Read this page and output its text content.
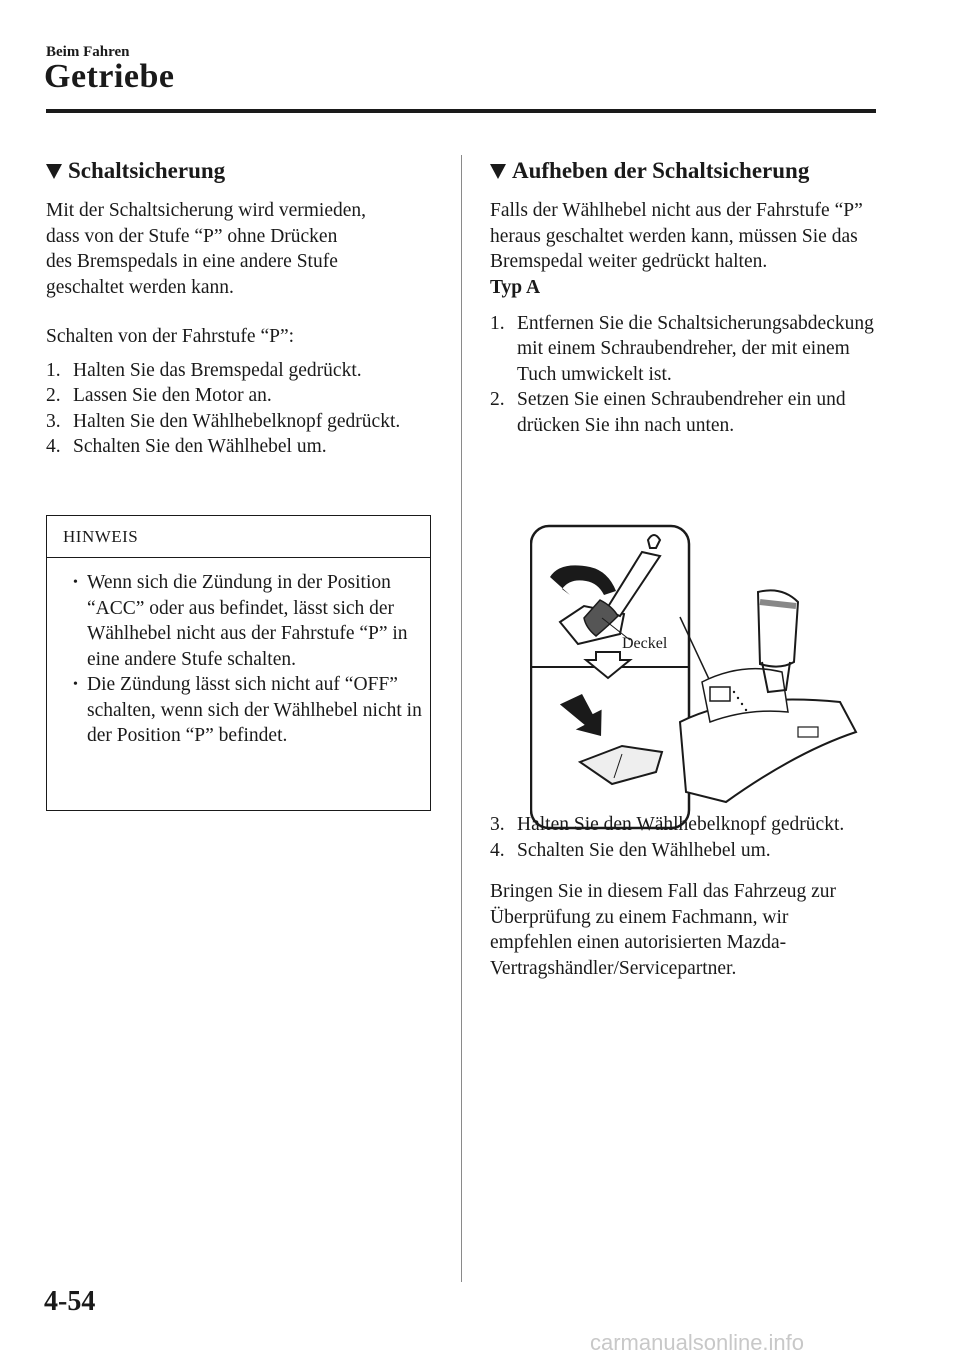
Beim Fahren
Getriebe
Schaltsicherung

Mit der Schaltsicherung wird vermieden,
dass von der Stufe “P” ohne Drücken
des Bremspedals in eine andere Stufe
geschaltet werden kann.

Schalten von der Fahrstufe “P”:

1. Halten Sie das Bremspedal gedrückt.
2. Lassen Sie den Motor an.
3. Halten Sie den Wählhebelknopf gedrückt.
4. Schalten Sie den Wählhebel um.
HINWEIS
• Wenn sich die Zündung in der Position “ACC” oder aus befindet, lässt sich der Wählhebel nicht aus der Fahrstufe “P” in eine andere Stufe schalten.
• Die Zündung lässt sich nicht auf “OFF” schalten, wenn sich der Wählhebel nicht in der Position “P” befindet.
Aufheben der Schaltsicherung

Falls der Wählhebel nicht aus der Fahrstufe “P” heraus geschaltet werden kann, müssen Sie das Bremspedal weiter gedrückt halten.

Typ A
1. Entfernen Sie die Schaltsicherungsabdeckung mit einem Schraubendreher, der mit einem Tuch umwickelt ist.
2. Setzen Sie einen Schraubendreher ein und drücken Sie ihn nach unten.
Deckel
3. Halten Sie den Wählhebelknopf gedrückt.
4. Schalten Sie den Wählhebel um.

Bringen Sie in diesem Fall das Fahrzeug zur Überprüfung zu einem Fachmann, wir empfehlen einen autorisierten Mazda-Vertragshändler/Servicepartner.

4-54
carmanualsonline.info
